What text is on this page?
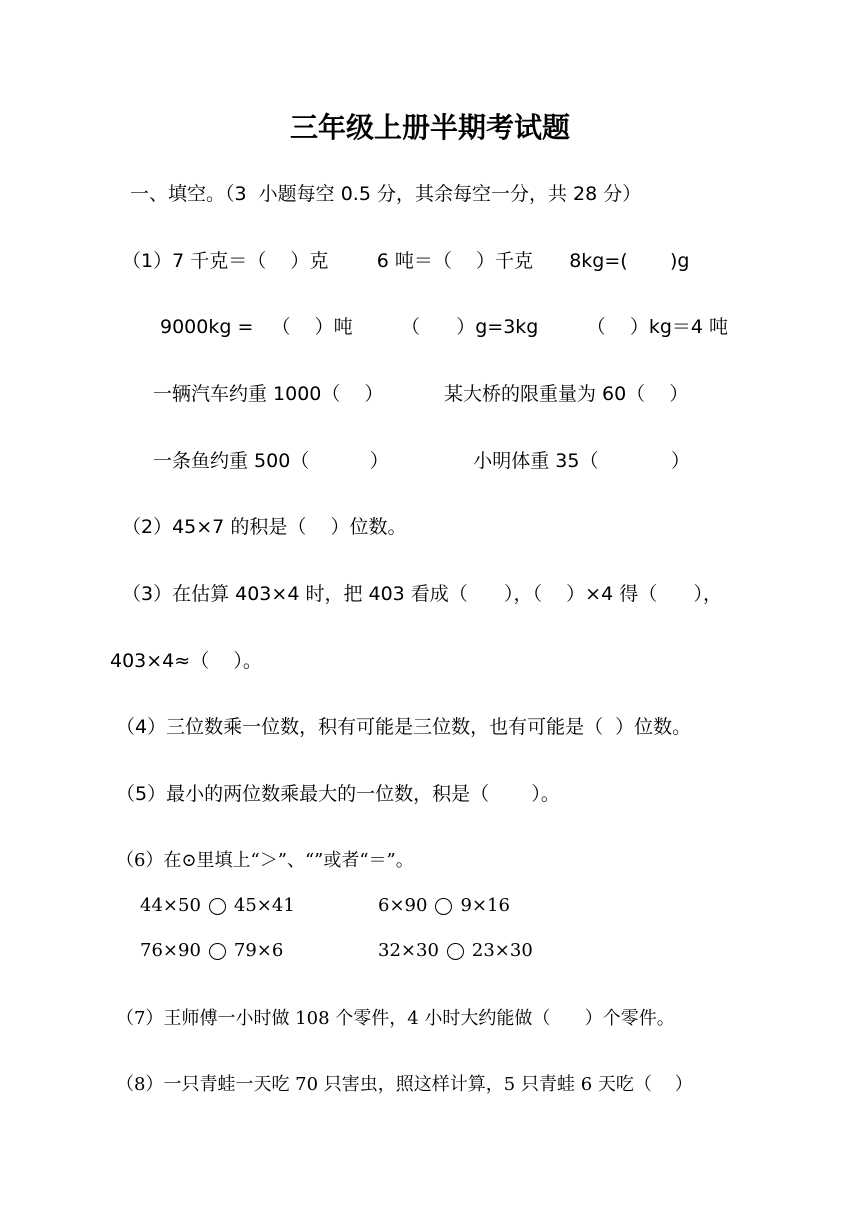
三年级上册半期考试题
一、填空。（3  小题每空 0.5 分，其余每空一分，共 28 分）
（1）7 千克＝（    ）克        6 吨＝（    ）千克      8kg=(       )g
9000kg =   （    ）吨        （      ）g=3kg        （    ）kg＝4 吨
一辆汽车约重 1000（    ）          某大桥的限重量为 60（    ）
一条鱼约重 500（          ）              小明体重 35（            ）
（2）45×7 的积是（    ）位数。
（3）在估算 403×4 时，把 403 看成（      ），（    ）×4 得（      ），
403×4≈（    ）。
（4）三位数乘一位数，积有可能是三位数，也有可能是（  ）位数。
（5）最小的两位数乘最大的一位数，积是（       ）。
（6）在⊙里填上“＞”、“”或者“＝”。
44×50 45×41	6×90 9×16
76×90 79×6	32×30 23×30
（7）王师傅一小时做 108 个零件，4 小时大约能做（      ）个零件。
（8）一只青蛙一天吃 70 只害虫，照这样计算，5 只青蛙 6 天吃（    ）
